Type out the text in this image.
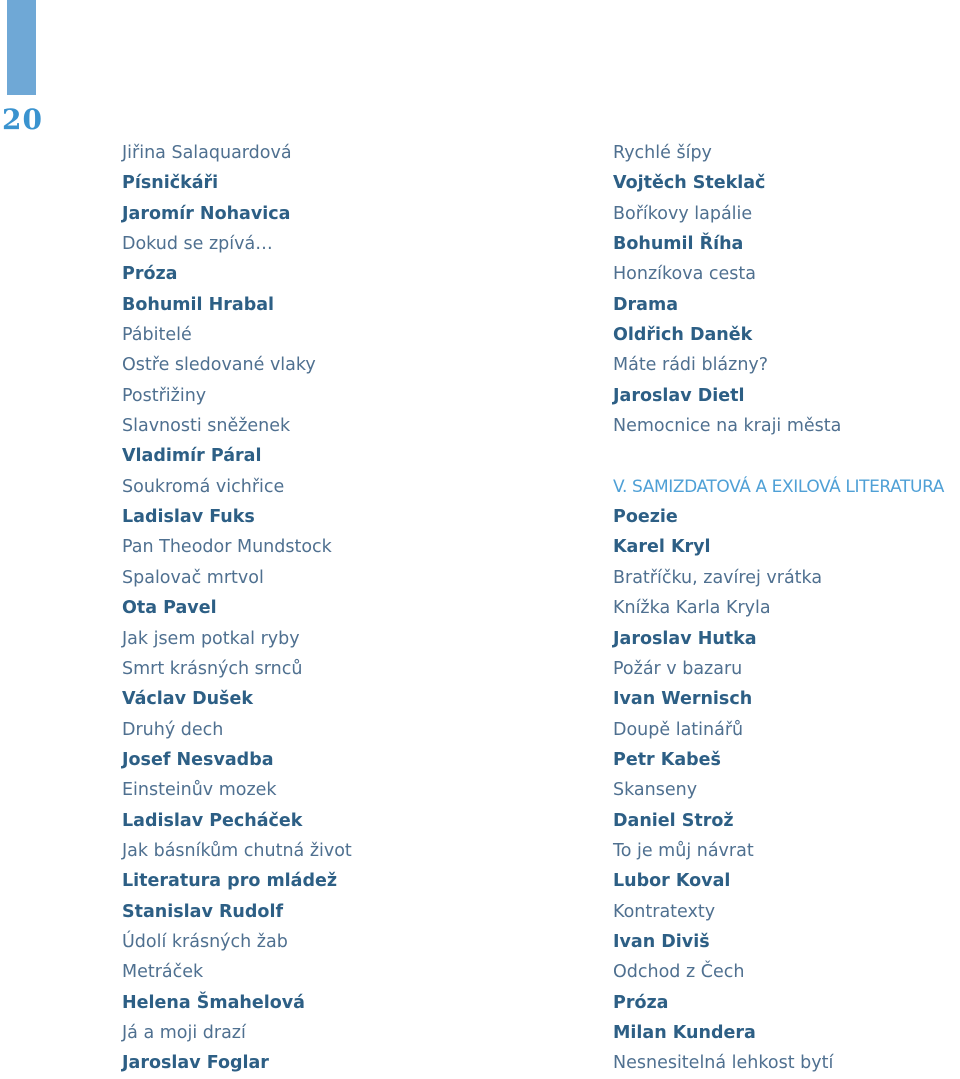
20
Jiřina Salaquardová
Písničkáři
Jaromír Nohavica
Dokud se zpívá…
Próza
Bohumil Hrabal
Pábitelé
Ostře sledované vlaky
Postřižiny
Slavnosti sněženek
Vladimír Páral
Soukromá vichřice
Ladislav Fuks
Pan Theodor Mundstock
Spalovač mrtvol
Ota Pavel
Jak jsem potkal ryby
Smrt krásných srnců
Václav Dušek
Druhý dech
Josef Nesvadba
Einsteinův mozek
Ladislav Pecháček
Jak básníkům chutná život
Literatura pro mládež
Stanislav Rudolf
Údolí krásných žab
Metráček
Helena Šmahelová
Já a moji drazí
Jaroslav Foglar
Rychlé šípy
Vojtěch Steklač
Boříkovy lapálie
Bohumil Říha
Honzíkova cesta
Drama
Oldřich Daněk
Máte rádi blázny?
Jaroslav Dietl
Nemocnice na kraji města
V. SAMIZDATOVÁ A EXILOVÁ LITERATURA
Poezie
Karel Kryl
Bratříčku, zavírej vrátka
Knížka Karla Kryla
Jaroslav Hutka
Požár v bazaru
Ivan Wernisch
Doupě latinářů
Petr Kabeš
Skanseny
Daniel Strož
To je můj návrat
Lubor Koval
Kontratexty
Ivan Diviš
Odchod z Čech
Próza
Milan Kundera
Nesnesitelná lehkost bytí
